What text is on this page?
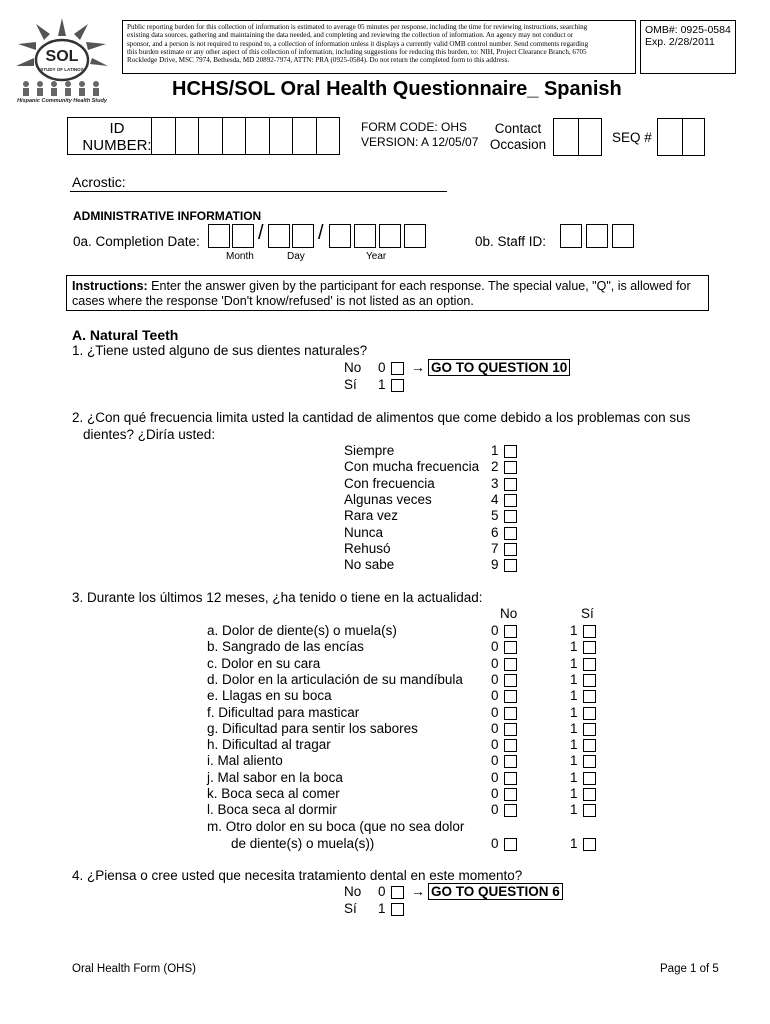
SOL
STUDY OF LATINOS
Hispanic Community Health Study
Public reporting burden for this collection of information is estimated to average 05 minutes per response, including the time for reviewing instructions, searching
existing data sources, gathering and maintaining the data needed, and completing and reviewing the collection of information. An agency may not conduct or
sponsor, and a person is not required to respond to, a collection of information unless it displays a currently valid OMB control number. Send comments regarding
this burden estimate or any other aspect of this collection of information, including suggestions for reducing this burden, to: NIH, Project Clearance Branch, 6705
Rockledge Drive, MSC 7974, Bethesda, MD 20892-7974, ATTN: PRA (0925-0584). Do not return the completed form to this address.
OMB#: 0925-0584
Exp. 2/28/2011
HCHS/SOL Oral Health Questionnaire_ Spanish
ID
NUMBER:
FORM CODE: OHS
VERSION: A 12/05/07
Contact
Occasion	SEQ #
Acrostic:
ADMINISTRATIVE INFORMATION
0a. Completion Date:	/	/
Month	Day	Year
0b. Staff ID:
Instructions: Enter the answer given by the participant for each response. The special value, "Q", is allowed for
cases where the response 'Don't know/refused' is not listed as an option.
A. Natural Teeth
1. ¿Tiene usted alguno de sus dientes naturales?
No 0 → GO TO QUESTION 10
Sí 1
2. ¿Con qué frecuencia limita usted la cantidad de alimentos que come debido a los problemas con sus
dientes? ¿Diría usted:
Siempre	1
Con mucha frecuencia 2
Con frecuencia	3
Algunas veces	4
Rara vez	5
Nunca	6
Rehusó	7
No sabe	9
3. Durante los últimos 12 meses, ¿ha tenido o tiene en la actualidad:
No	Sí
a. Dolor de diente(s) o muela(s)	0	1
b. Sangrado de las encías	0	1
c. Dolor en su cara	0	1
d. Dolor en la articulación de su mandíbula 0	1
e. Llagas en su boca	0	1
f. Dificultad para masticar	0	1
g. Dificultad para sentir los sabores	0	1
h. Dificultad al tragar	0	1
i. Mal aliento	0	1
j. Mal sabor en la boca	0	1
k. Boca seca al comer	0	1
l. Boca seca al dormir	0	1
m. Otro dolor en su boca (que no sea dolor
de diente(s) o muela(s))	0	1
4. ¿Piensa o cree usted que necesita tratamiento dental en este momento?
No 0 → GO TO QUESTION 6
Sí 1
Oral Health Form (OHS)	Page 1 of 5
